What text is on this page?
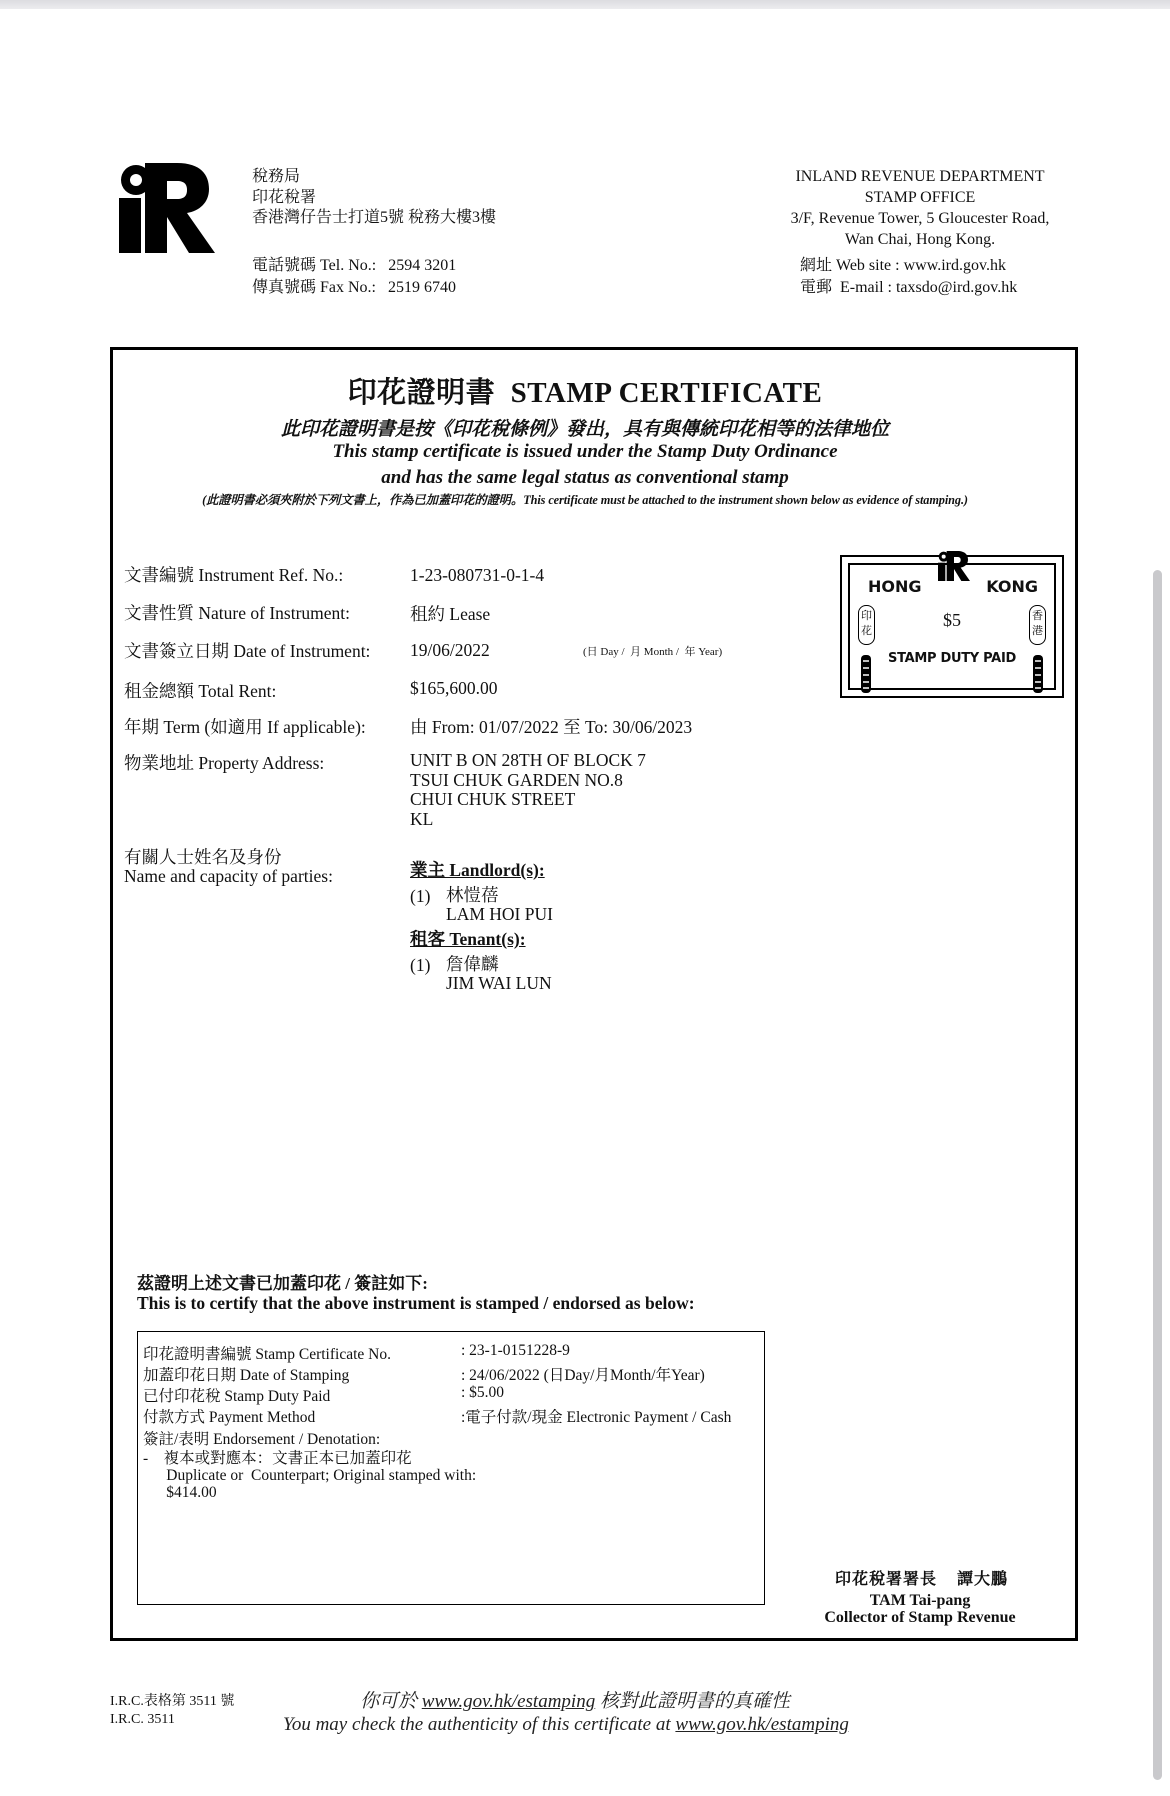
稅務局
印花稅署
香港灣仔告士打道5號 稅務大樓3樓
電話號碼 Tel. No.:   2594 3201
傳真號碼 Fax No.:   2519 6740
INLAND REVENUE DEPARTMENT
STAMP OFFICE
3/F, Revenue Tower, 5 Gloucester Road,
Wan Chai, Hong Kong.
網址 Web site : www.ird.gov.hk
電郵  E-mail : taxsdo@ird.gov.hk
印花證明書  STAMP CERTIFICATE
此印花證明書是按《印花稅條例》發出，具有與傳統印花相等的法律地位
This stamp certificate is issued under the Stamp Duty Ordinance
and has the same legal status as conventional stamp
(此證明書必須夾附於下列文書上，作為已加蓋印花的證明。This certificate must be attached to the instrument shown below as evidence of stamping.)
文書編號 Instrument Ref. No.:	1-23-080731-0-1-4
文書性質 Nature of Instrument:	租約 Lease
文書簽立日期 Date of Instrument: 19/06/2022	(日 Day /  月 Month /  年 Year)
租金總額 Total Rent:	$165,600.00
年期 Term (如適用 If applicable):	由 From: 01/07/2022 至 To: 30/06/2023
物業地址 Property Address:	UNIT B ON 28TH OF BLOCK 7
TSUI CHUK GARDEN NO.8
CHUI CHUK STREET
KL
有關人士姓名及身份
Name and capacity of parties:	業主 Landlord(s):
(1) 林愷蓓
LAM HOI PUI
租客 Tenant(s):
(1) 詹偉麟
JIM WAI LUN
HONG	KONG
$5
STAMP DUTY PAID
印花
香港
茲證明上述文書已加蓋印花 / 簽註如下:
This is to certify that the above instrument is stamped / endorsed as below:
印花證明書編號 Stamp Certificate No.	: 23-1-0151228-9
加蓋印花日期 Date of Stamping	: 24/06/2022 (日Day/月Month/年Year)
已付印花稅 Stamp Duty Paid	: $5.00
付款方式 Payment Method	:電子付款/現金 Electronic Payment / Cash
簽註/表明 Endorsement / Denotation:
-    複本或對應本：文書正本已加蓋印花
Duplicate or  Counterpart; Original stamped with:
$414.00
印花稅署署長    譚大鵬
TAM Tai-pang
Collector of Stamp Revenue
I.R.C.表格第 3511 號
I.R.C. 3511
你可於 www.gov.hk/estamping 核對此證明書的真確性
You may check the authenticity of this certificate at www.gov.hk/estamping
